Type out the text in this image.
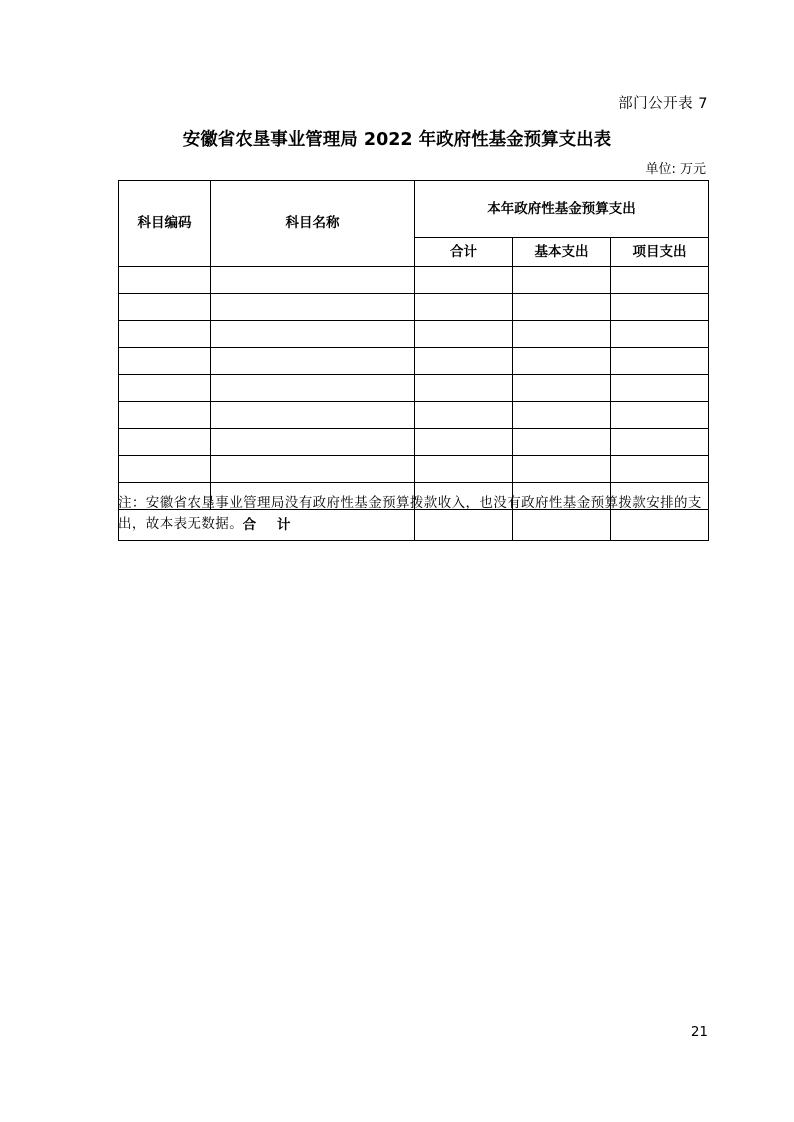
部门公开表 7
安徽省农垦事业管理局 2022 年政府性基金预算支出表
单位: 万元
科目编码	科目名称	本年政府性基金预算支出		
		合计	基本支出	项目支出

合 计				
注：安徽省农垦事业管理局没有政府性基金预算拨款收入，也没有政府性基金预算拨款安排的支出，故本表无数据。
21
